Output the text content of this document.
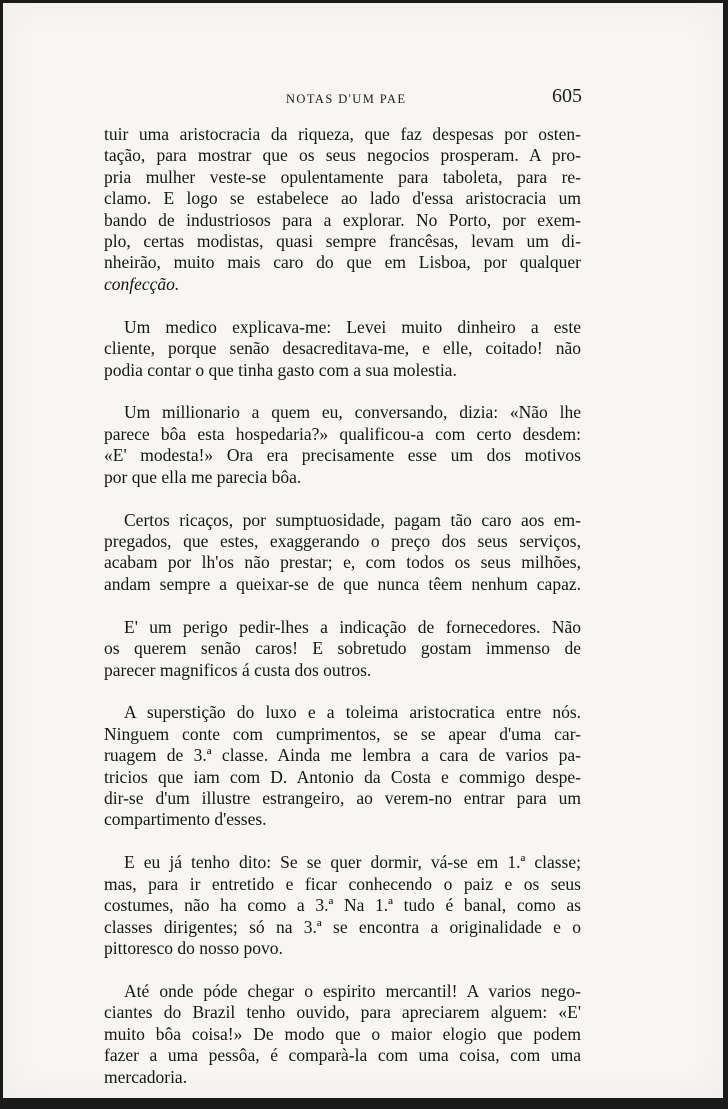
NOTAS D'UM PAE	605

tuir uma aristocracia da riqueza, que faz despesas por osten-
tação, para mostrar que os seus negocios prosperam. A pro-
pria mulher veste-se opulentamente para taboleta, para re-
clamo. E logo se estabelece ao lado d'essa aristocracia um
bando de industriosos para a explorar. No Porto, por exem-
plo, certas modistas, quasi sempre francêsas, levam um di-
nheirão, muito mais caro do que em Lisboa, por qualquer
confecção.

Um medico explicava-me: Levei muito dinheiro a este
cliente, porque senão desacreditava-me, e elle, coitado! não
podia contar o que tinha gasto com a sua molestia.

Um millionario a quem eu, conversando, dizia: «Não lhe
parece bôa esta hospedaria?» qualificou-a com certo desdem:
«E' modesta!» Ora era precisamente esse um dos motivos
por que ella me parecia bôa.

Certos ricaços, por sumptuosidade, pagam tão caro aos em-
pregados, que estes, exaggerando o preço dos seus serviços,
acabam por lh'os não prestar; e, com todos os seus milhões,
andam sempre a queixar-se de que nunca têem nenhum capaz.

E' um perigo pedir-lhes a indicação de fornecedores. Não
os querem senão caros! E sobretudo gostam immenso de
parecer magnificos á custa dos outros.

A superstição do luxo e a toleima aristocratica entre nós.
Ninguem conte com cumprimentos, se se apear d'uma car-
ruagem de 3.ª classe. Ainda me lembra a cara de varios pa-
tricios que iam com D. Antonio da Costa e commigo despe-
dir-se d'um illustre estrangeiro, ao verem-no entrar para um
compartimento d'esses.

E eu já tenho dito: Se se quer dormir, vá-se em 1.ª classe;
mas, para ir entretido e ficar conhecendo o paiz e os seus
costumes, não ha como a 3.ª Na 1.ª tudo é banal, como as
classes dirigentes; só na 3.ª se encontra a originalidade e o
pittoresco do nosso povo.

Até onde póde chegar o espirito mercantil! A varios nego-
ciantes do Brazil tenho ouvido, para apreciarem alguem: «E'
muito bôa coisa!» De modo que o maior elogio que podem
fazer a uma pessôa, é comparà-la com uma coisa, com uma
mercadoria.
